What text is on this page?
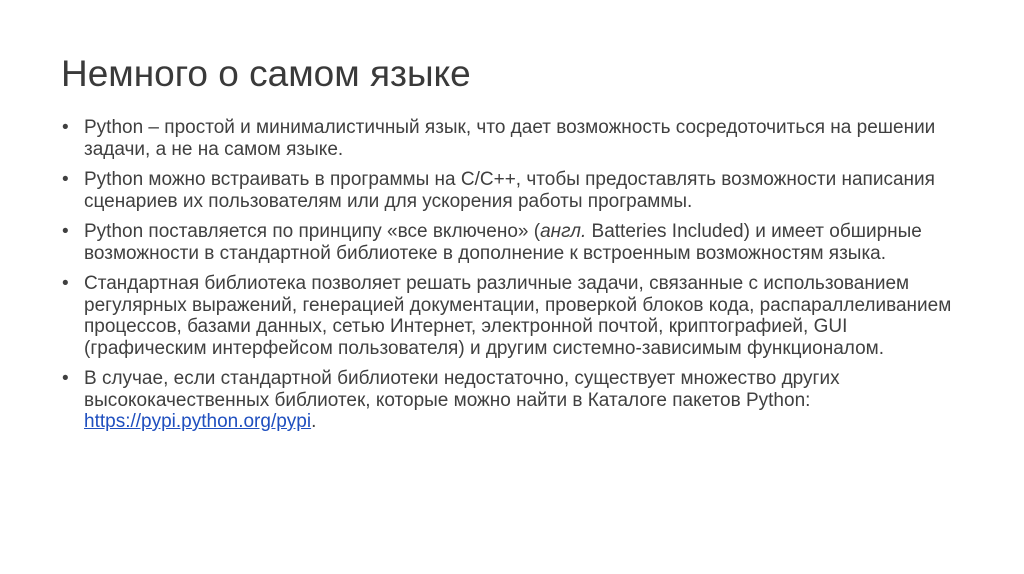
Немного о самом языке
• Python – простой и минималистичный язык, что дает возможность сосредоточиться на решении задачи, а не на самом языке.
• Python можно встраивать в программы на C/C++, чтобы предоставлять возможности написания сценариев их пользователям или для ускорения работы программы.
• Python поставляется по принципу «все включено» (англ. Batteries Included) и имеет обширные возможности в стандартной библиотеке в дополнение к встроенным возможностям языка.
• Стандартная библиотека позволяет решать различные задачи, связанные с использованием регулярных выражений, генерацией документации, проверкой блоков кода, распараллеливанием процессов, базами данных, сетью Интернет, электронной почтой, криптографией, GUI (графическим интерфейсом пользователя) и другим системно-зависимым функционалом.
• В случае, если стандартной библиотеки недостаточно, существует множество других высококачественных библиотек, которые можно найти в Каталоге пакетов Python: https://pypi.python.org/pypi.
